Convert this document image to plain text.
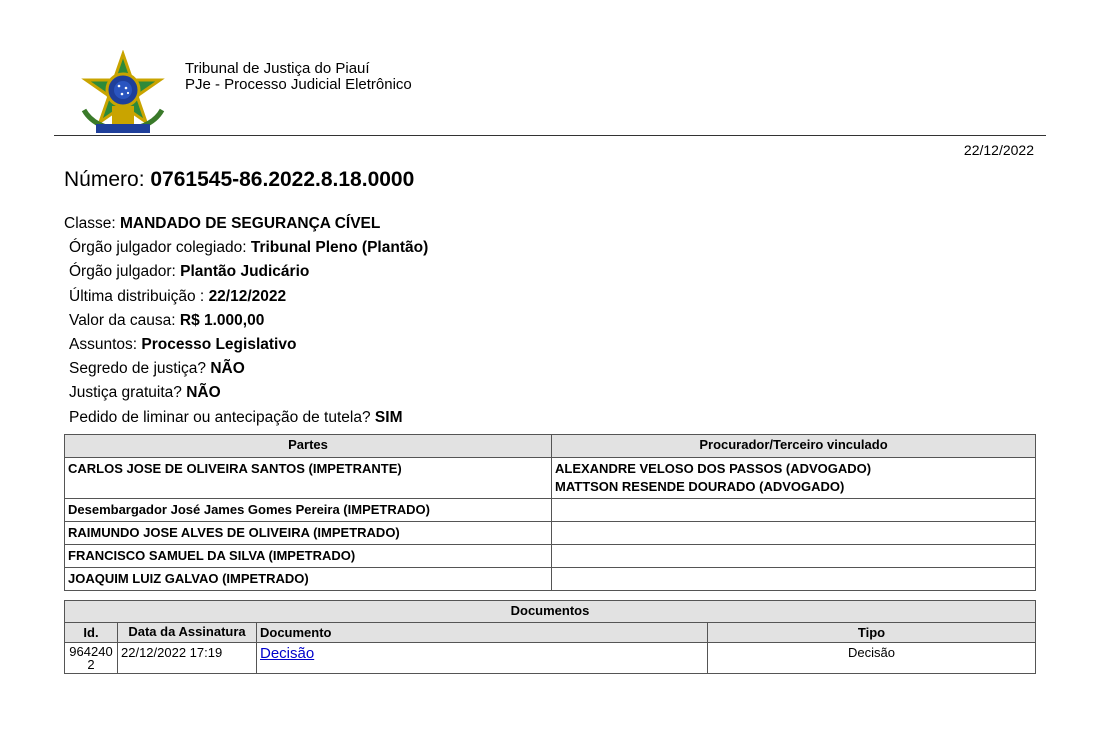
Tribunal de Justiça do Piauí
PJe - Processo Judicial Eletrônico
22/12/2022
Número: 0761545-86.2022.8.18.0000
Classe: MANDADO DE SEGURANÇA CÍVEL
Órgão julgador colegiado: Tribunal Pleno (Plantão)
Órgão julgador: Plantão Judicário
Última distribuição : 22/12/2022
Valor da causa: R$ 1.000,00
Assuntos: Processo Legislativo
Segredo de justiça? NÃO
Justiça gratuita? NÃO
Pedido de liminar ou antecipação de tutela? SIM
Partes	Procurador/Terceiro vinculado
CARLOS JOSE DE OLIVEIRA SANTOS (IMPETRANTE)	ALEXANDRE VELOSO DOS PASSOS (ADVOGADO)
MATTSON RESENDE DOURADO (ADVOGADO)

Desembargador José James Gomes Pereira (IMPETRADO)	
RAIMUNDO JOSE ALVES DE OLIVEIRA (IMPETRADO)	
FRANCISCO SAMUEL DA SILVA (IMPETRADO)	
JOAQUIM LUIZ GALVAO (IMPETRADO)	
Documentos			
Id.	Data da Assinatura	Documento	Tipo
9642402	22/12/2022 17:19	Decisão	Decisão
